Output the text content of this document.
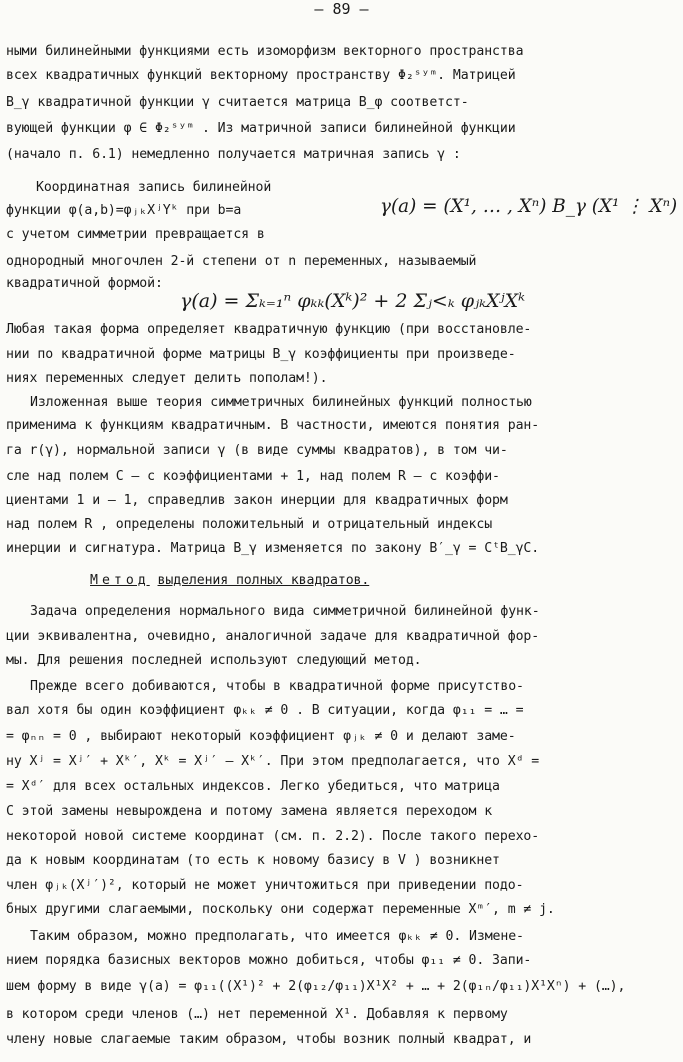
– 89 –
ными билинейными функциями есть изоморфизм векторного пространства
всех квадратичных функций векторному пространству Φ₂ˢʸᵐ. Матрицей
B_γ квадратичной функции γ считается матрица B_φ соответст-
вующей функции φ ∈ Φ₂ˢʸᵐ . Из матричной записи билинейной функции
(начало п. 6.1) немедленно получается матричная запись γ :
Координатная запись билинейной
функции φ(a,b)=φⱼₖXʲYᵏ при b=a
с учетом симметрии превращается в
γ(a) = (X¹, … , Xⁿ) B_γ (X¹ ⋮ Xⁿ)
однородный многочлен 2-й степени от n переменных, называемый
квадратичной формой:
γ(a) = Σₖ₌₁ⁿ φₖₖ(Xᵏ)² + 2 Σⱼ<ₖ φⱼₖXʲXᵏ
Любая такая форма определяет квадратичную функцию (при восстановле-
нии по квадратичной форме матрицы B_γ коэффициенты при произведе-
ниях переменных следует делить пополам!).
Изложенная выше теория симметричных билинейных функций полностью
применима к функциям квадратичным. В частности, имеются понятия ран-
га r(γ), нормальной записи γ (в виде суммы квадратов), в том чи-
сле над полем C – с коэффициентами + 1, над полем R – с коэффи-
циентами 1 и – 1, справедлив закон инерции для квадратичных форм
над полем R , определены положительный и отрицательный индексы
инерции и сигнатура. Матрица B_γ изменяется по закону B′_γ = CᵗB_γC.
Метод выделения полных квадратов.
Задача определения нормального вида симметричной билинейной функ-
ции эквивалентна, очевидно, аналогичной задаче для квадратичной фор-
мы. Для решения последней используют следующий метод.
Прежде всего добиваются, чтобы в квадратичной форме присутство-
вал хотя бы один коэффициент φₖₖ ≠ 0 . В ситуации, когда φ₁₁ = … =
= φₙₙ = 0 , выбирают некоторый коэффициент φⱼₖ ≠ 0 и делают заме-
ну Xʲ = Xʲ′ + Xᵏ′, Xᵏ = Xʲ′ – Xᵏ′. При этом предполагается, что Xᵈ =
= Xᵈ′ для всех остальных индексов. Легко убедиться, что матрица
C этой замены невырождена и потому замена является переходом к
некоторой новой системе координат (см. п. 2.2). После такого перехо-
да к новым координатам (то есть к новому базису в V ) возникнет
член φⱼₖ(Xʲ′)², который не может уничтожиться при приведении подо-
бных другими слагаемыми, поскольку они содержат переменные Xᵐ′, m ≠ j.
Таким образом, можно предполагать, что имеется φₖₖ ≠ 0. Измене-
нием порядка базисных векторов можно добиться, чтобы φ₁₁ ≠ 0. Запи-
шем форму в виде γ(a) = φ₁₁((X¹)² + 2(φ₁₂/φ₁₁)X¹X² + … + 2(φ₁ₙ/φ₁₁)X¹Xⁿ) + (…),
в котором среди членов (…) нет переменной X¹. Добавляя к первому
члену новые слагаемые таким образом, чтобы возник полный квадрат, и
